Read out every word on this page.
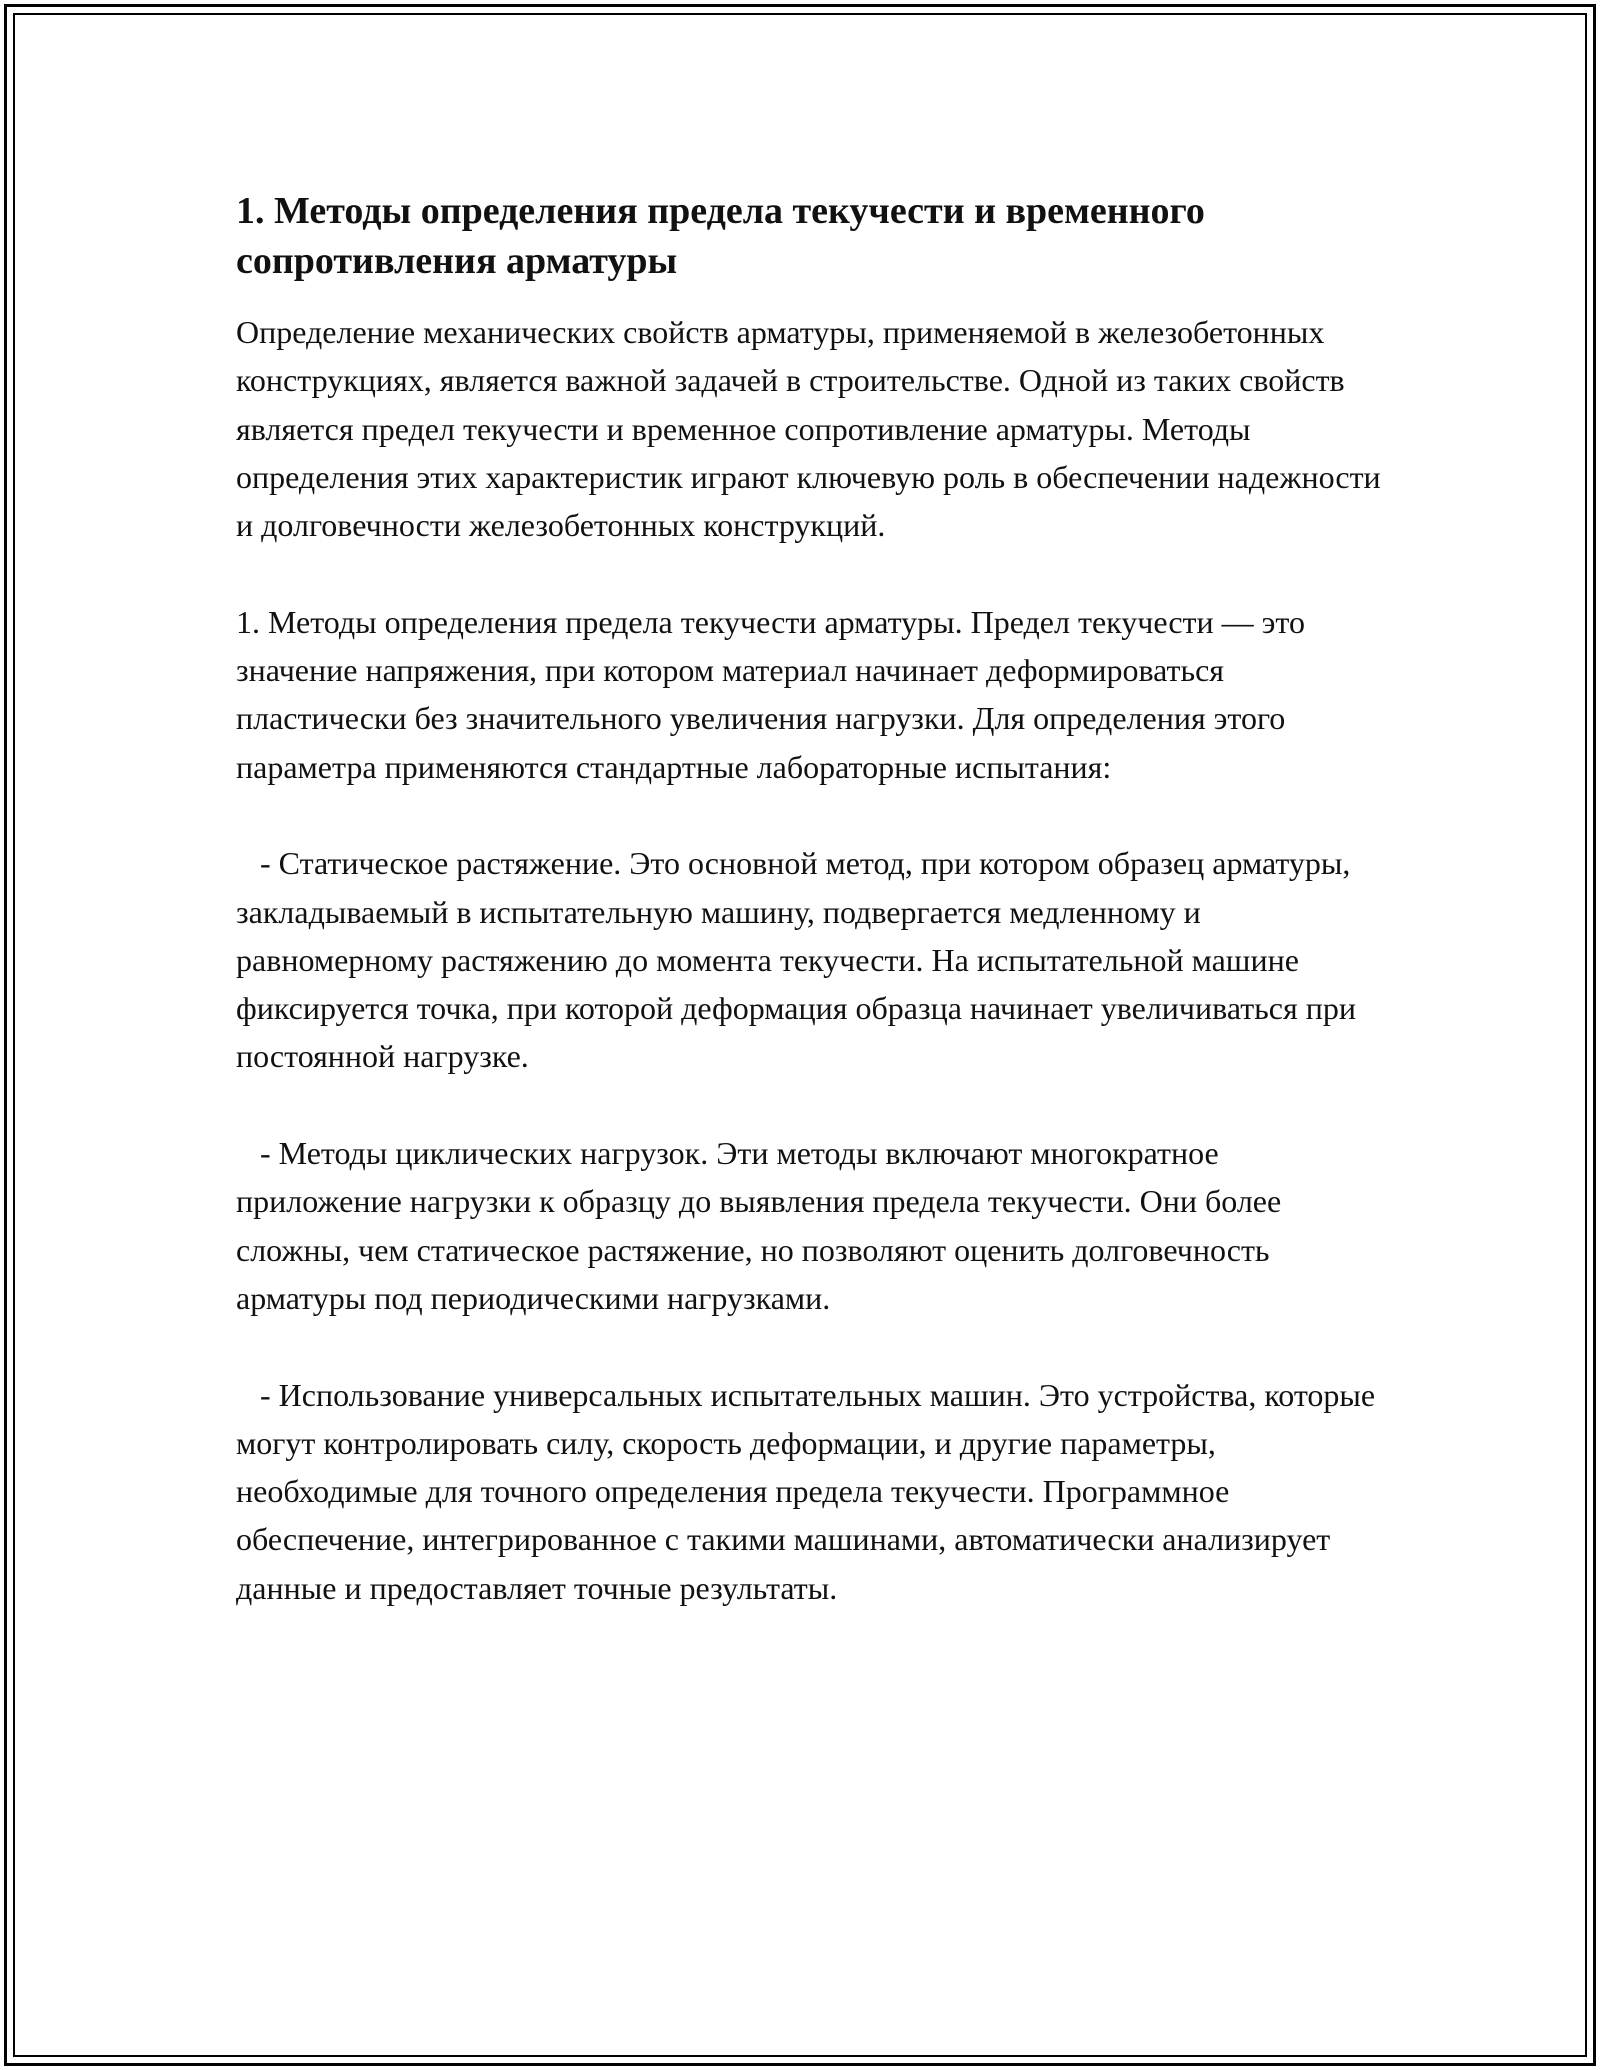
1. Методы определения предела текучести и временного сопротивления арматуры

Определение механических свойств арматуры, применяемой в железобетонных конструкциях, является важной задачей в строительстве. Одной из таких свойств является предел текучести и временное сопротивление арматуры. Методы определения этих характеристик играют ключевую роль в обеспечении надежности и долговечности железобетонных конструкций.

1. Методы определения предела текучести арматуры. Предел текучести — это значение напряжения, при котором материал начинает деформироваться пластически без значительного увеличения нагрузки. Для определения этого параметра применяются стандартные лабораторные испытания:

- Статическое растяжение. Это основной метод, при котором образец арматуры, закладываемый в испытательную машину, подвергается медленному и равномерному растяжению до момента текучести. На испытательной машине фиксируется точка, при которой деформация образца начинает увеличиваться при постоянной нагрузке.

- Методы циклических нагрузок. Эти методы включают многократное приложение нагрузки к образцу до выявления предела текучести. Они более сложны, чем статическое растяжение, но позволяют оценить долговечность арматуры под периодическими нагрузками.

- Использование универсальных испытательных машин. Это устройства, которые могут контролировать силу, скорость деформации, и другие параметры, необходимые для точного определения предела текучести. Программное обеспечение, интегрированное с такими машинами, автоматически анализирует данные и предоставляет точные результаты.
